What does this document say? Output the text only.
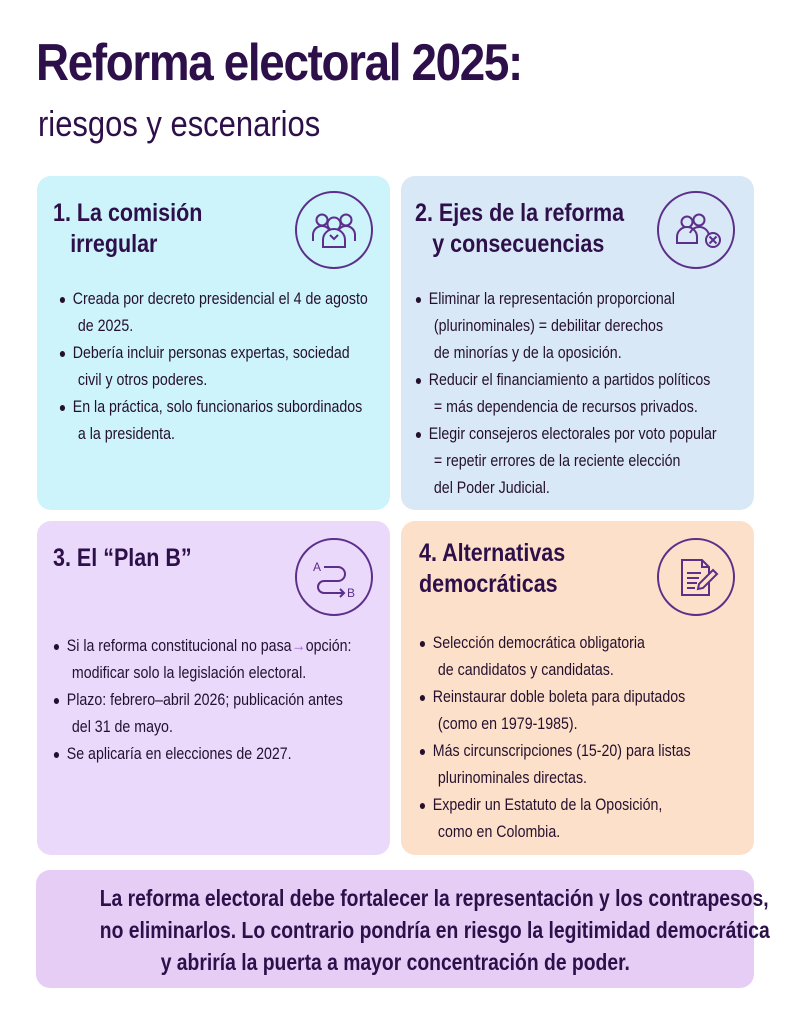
Reforma electoral 2025:
riesgos y escenarios
1. La comisión
irregular
Creada por decreto presidencial el 4 de agosto
de 2025.
Debería incluir personas expertas, sociedad
civil y otros poderes.
En la práctica, solo funcionarios subordinados
a la presidenta.
2. Ejes de la reforma
y consecuencias
Eliminar la representación proporcional
(plurinominales) = debilitar derechos
de minorías y de la oposición.
Reducir el financiamiento a partidos políticos
= más dependencia de recursos privados.
Elegir consejeros electorales por voto popular
= repetir errores de la reciente elección
del Poder Judicial.
3. El “Plan B”	A
B
Si la reforma constitucional no pasa→opción:
modificar solo la legislación electoral.
Plazo: febrero–abril 2026; publicación antes
del 31 de mayo.
Se aplicaría en elecciones de 2027.
4. Alternativas
democráticas
Selección democrática obligatoria
de candidatos y candidatas.
Reinstaurar doble boleta para diputados
(como en 1979-1985).
Más circunscripciones (15-20) para listas
plurinominales directas.
Expedir un Estatuto de la Oposición,
como en Colombia.

La reforma electoral debe fortalecer la representación y los contrapesos,
no eliminarlos. Lo contrario pondría en riesgo la legitimidad democrática
y abriría la puerta a mayor concentración de poder.
